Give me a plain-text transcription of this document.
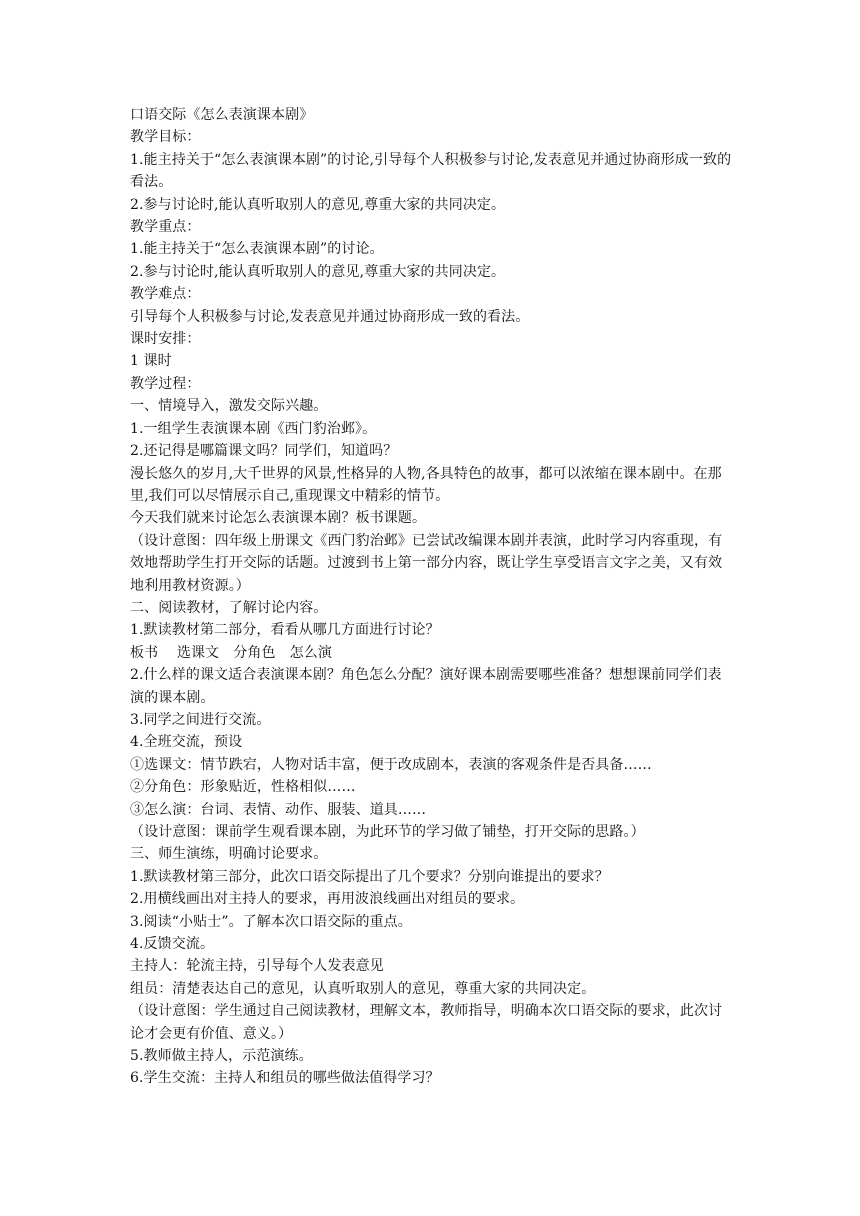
口语交际《怎么表演课本剧》
教学目标：
1.能主持关于“怎么表演课本剧”的讨论,引导每个人积极参与讨论,发表意见并通过协商形成一致的看法。
2.参与讨论时,能认真听取别人的意见,尊重大家的共同决定。
教学重点：
1.能主持关于“怎么表演课本剧”的讨论。
2.参与讨论时,能认真听取别人的意见,尊重大家的共同决定。
教学难点：
引导每个人积极参与讨论,发表意见并通过协商形成一致的看法。
课时安排：
1 课时
教学过程：
一、情境导入，激发交际兴趣。
1.一组学生表演课本剧《西门豹治邺》。
2.还记得是哪篇课文吗？同学们，知道吗？
漫长悠久的岁月,大千世界的风景,性格异的人物,各具特色的故事，都可以浓缩在课本剧中。在那里,我们可以尽情展示自己,重现课文中精彩的情节。
今天我们就来讨论怎么表演课本剧？板书课题。
（设计意图：四年级上册课文《西门豹治邺》已尝试改编课本剧并表演，此时学习内容重现，有效地帮助学生打开交际的话题。过渡到书上第一部分内容，既让学生享受语言文字之美，又有效地利用教材资源。）
二、阅读教材，了解讨论内容。
1.默读教材第二部分，看看从哪几方面进行讨论？
板书　 选课文　分角色　怎么演
2.什么样的课文适合表演课本剧？角色怎么分配？演好课本剧需要哪些准备？想想课前同学们表演的课本剧。
3.同学之间进行交流。
4.全班交流，预设
①选课文：情节跌宕，人物对话丰富，便于改成剧本，表演的客观条件是否具备……
②分角色：形象贴近，性格相似……
③怎么演：台词、表情、动作、服装、道具……
（设计意图：课前学生观看课本剧，为此环节的学习做了铺垫，打开交际的思路。）
三、师生演练，明确讨论要求。
1.默读教材第三部分，此次口语交际提出了几个要求？分别向谁提出的要求？
2.用横线画出对主持人的要求，再用波浪线画出对组员的要求。
3.阅读“小贴士”。了解本次口语交际的重点。
4.反馈交流。
主持人：轮流主持，引导每个人发表意见
组员：清楚表达自己的意见，认真听取别人的意见，尊重大家的共同决定。
（设计意图：学生通过自己阅读教材，理解文本，教师指导，明确本次口语交际的要求，此次讨论才会更有价值、意义。）
5.教师做主持人，示范演练。
6.学生交流：主持人和组员的哪些做法值得学习？
